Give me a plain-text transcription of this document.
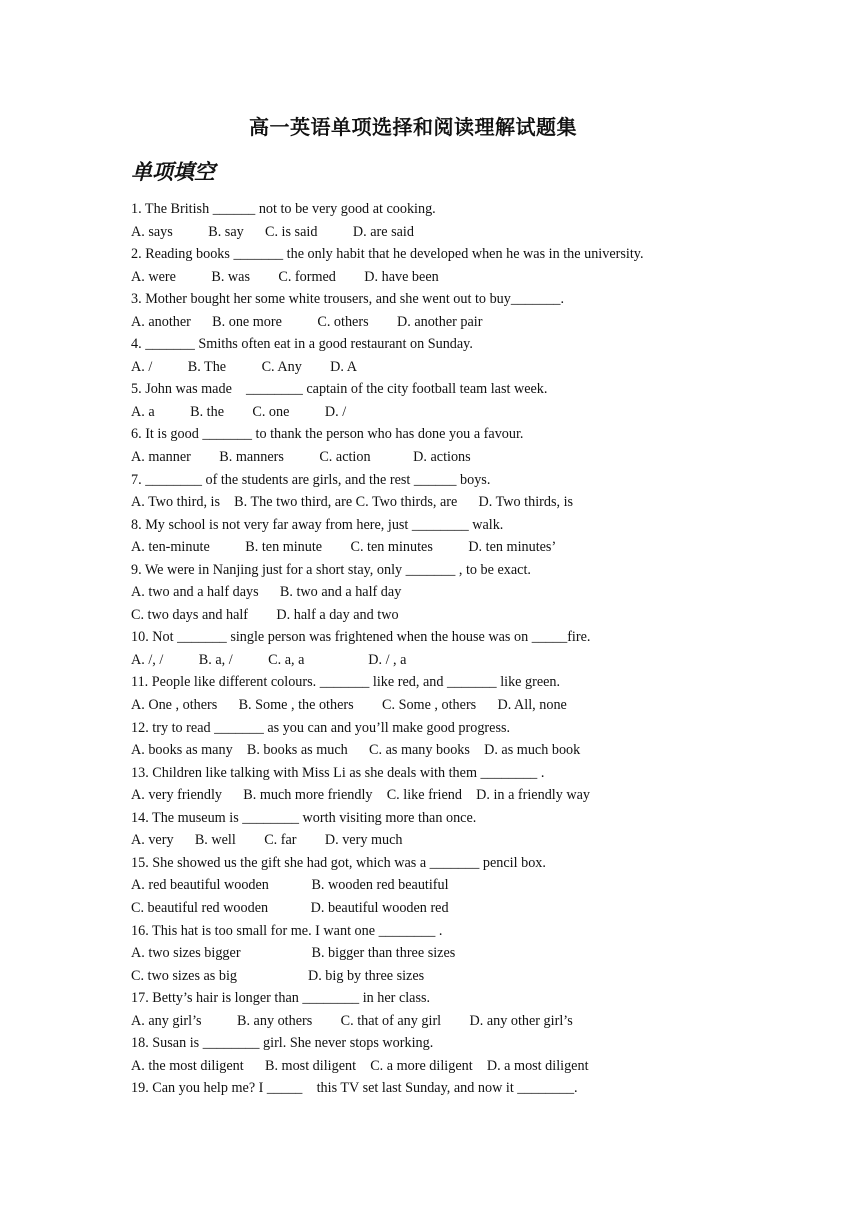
高一英语单项选择和阅读理解试题集
单项填空
1. The British ______ not to be very good at cooking.
A. says          B. say      C. is said          D. are said
2. Reading books _______ the only habit that he developed when he was in the university.
A. were          B. was        C. formed        D. have been
3. Mother bought her some white trousers, and she went out to buy_______.
A. another      B. one more          C. others        D. another pair
4. _______ Smiths often eat in a good restaurant on Sunday.
A. /          B. The          C. Any        D. A
5. John was made    ________ captain of the city football team last week.
A. a          B. the        C. one          D. /
6. It is good _______ to thank the person who has done you a favour.
A. manner        B. manners          C. action            D. actions
7. ________ of the students are girls, and the rest ______ boys.
A. Two third, is    B. The two third, are C. Two thirds, are      D. Two thirds, is
8. My school is not very far away from here, just ________ walk.
A. ten-minute          B. ten minute        C. ten minutes          D. ten minutes’
9. We were in Nanjing just for a short stay, only _______ , to be exact.
A. two and a half days      B. two and a half day
C. two days and half        D. half a day and two
10. Not _______ single person was frightened when the house was on _____fire.
A. /, /          B. a, /          C. a, a                  D. / , a
11. People like different colours. _______ like red, and _______ like green.
A. One , others      B. Some , the others        C. Some , others      D. All, none
12. try to read _______ as you can and you’ll make good progress.
A. books as many    B. books as much      C. as many books    D. as much book
13. Children like talking with Miss Li as she deals with them ________ .
A. very friendly      B. much more friendly    C. like friend    D. in a friendly way
14. The museum is ________ worth visiting more than once.
A. very      B. well        C. far        D. very much
15. She showed us the gift she had got, which was a _______ pencil box.
A. red beautiful wooden            B. wooden red beautiful
C. beautiful red wooden            D. beautiful wooden red
16. This hat is too small for me. I want one ________ .
A. two sizes bigger                    B. bigger than three sizes
C. two sizes as big                    D. big by three sizes
17. Betty’s hair is longer than ________ in her class.
A. any girl’s          B. any others        C. that of any girl        D. any other girl’s
18. Susan is ________ girl. She never stops working.
A. the most diligent      B. most diligent    C. a more diligent    D. a most diligent
19. Can you help me? I _____    this TV set last Sunday, and now it ________.
